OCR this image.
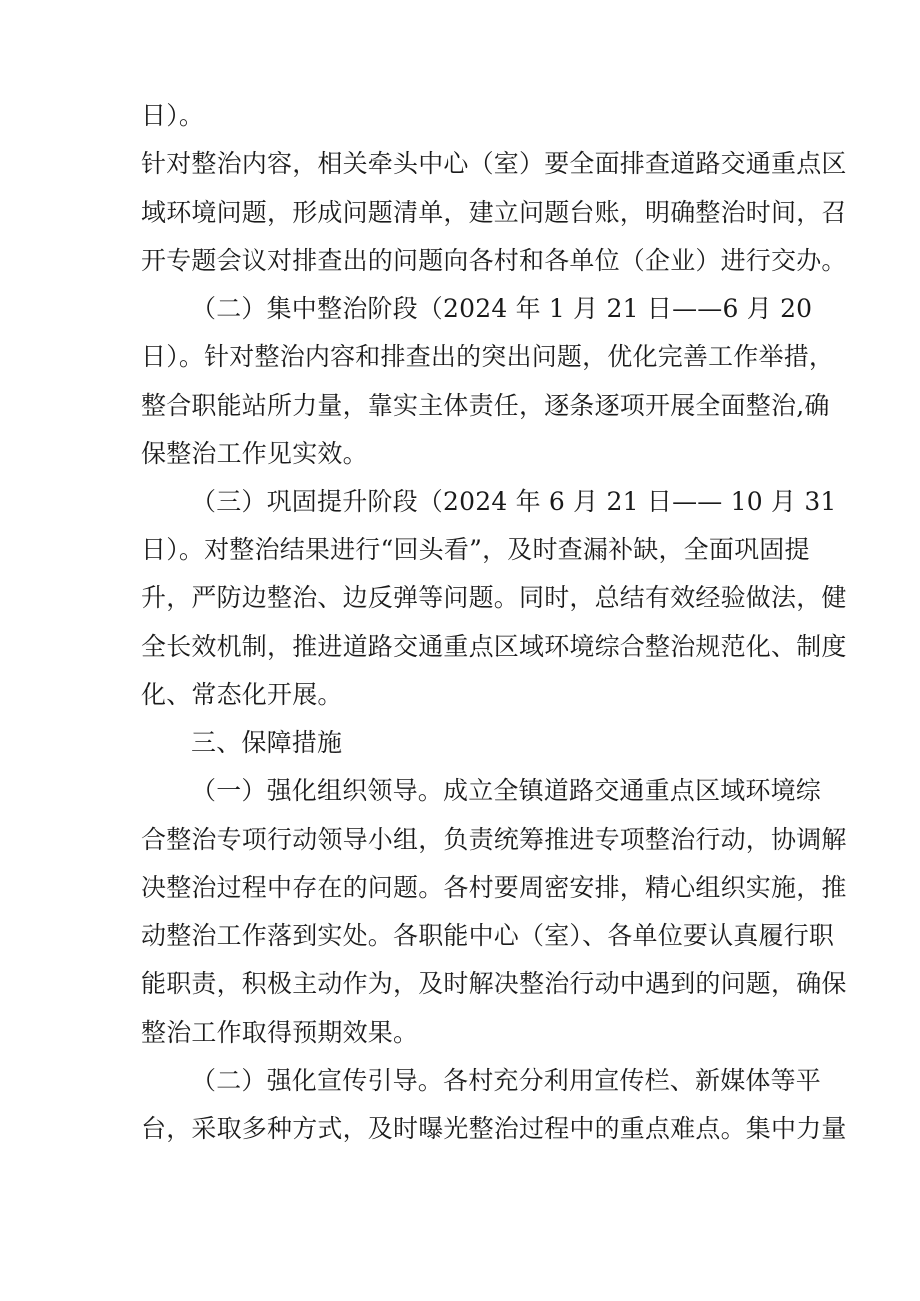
日）。
针对整治内容，相关牵头中心（室）要全面排查道路交通重点区
域环境问题，形成问题清单，建立问题台账，明确整治时间，召
开专题会议对排查出的问题向各村和各单位（企业）进行交办。
（二）集中整治阶段（2024 年 1 月 21 日——6 月 20
日）。针对整治内容和排查出的突出问题，优化完善工作举措，
整合职能站所力量，靠实主体责任，逐条逐项开展全面整治,确
保整治工作见实效。
（三）巩固提升阶段（2024 年 6 月 21 日—— 10 月 31
日）。对整治结果进行“回头看”，及时查漏补缺，全面巩固提
升，严防边整治、边反弹等问题。同时，总结有效经验做法，健
全长效机制，推进道路交通重点区域环境综合整治规范化、制度
化、常态化开展。
三、保障措施
（一）强化组织领导。成立全镇道路交通重点区域环境综
合整治专项行动领导小组，负责统筹推进专项整治行动，协调解
决整治过程中存在的问题。各村要周密安排，精心组织实施，推
动整治工作落到实处。各职能中心（室）、各单位要认真履行职
能职责，积极主动作为，及时解决整治行动中遇到的问题，确保
整治工作取得预期效果。
（二）强化宣传引导。各村充分利用宣传栏、新媒体等平
台，采取多种方式，及时曝光整治过程中的重点难点。集中力量
